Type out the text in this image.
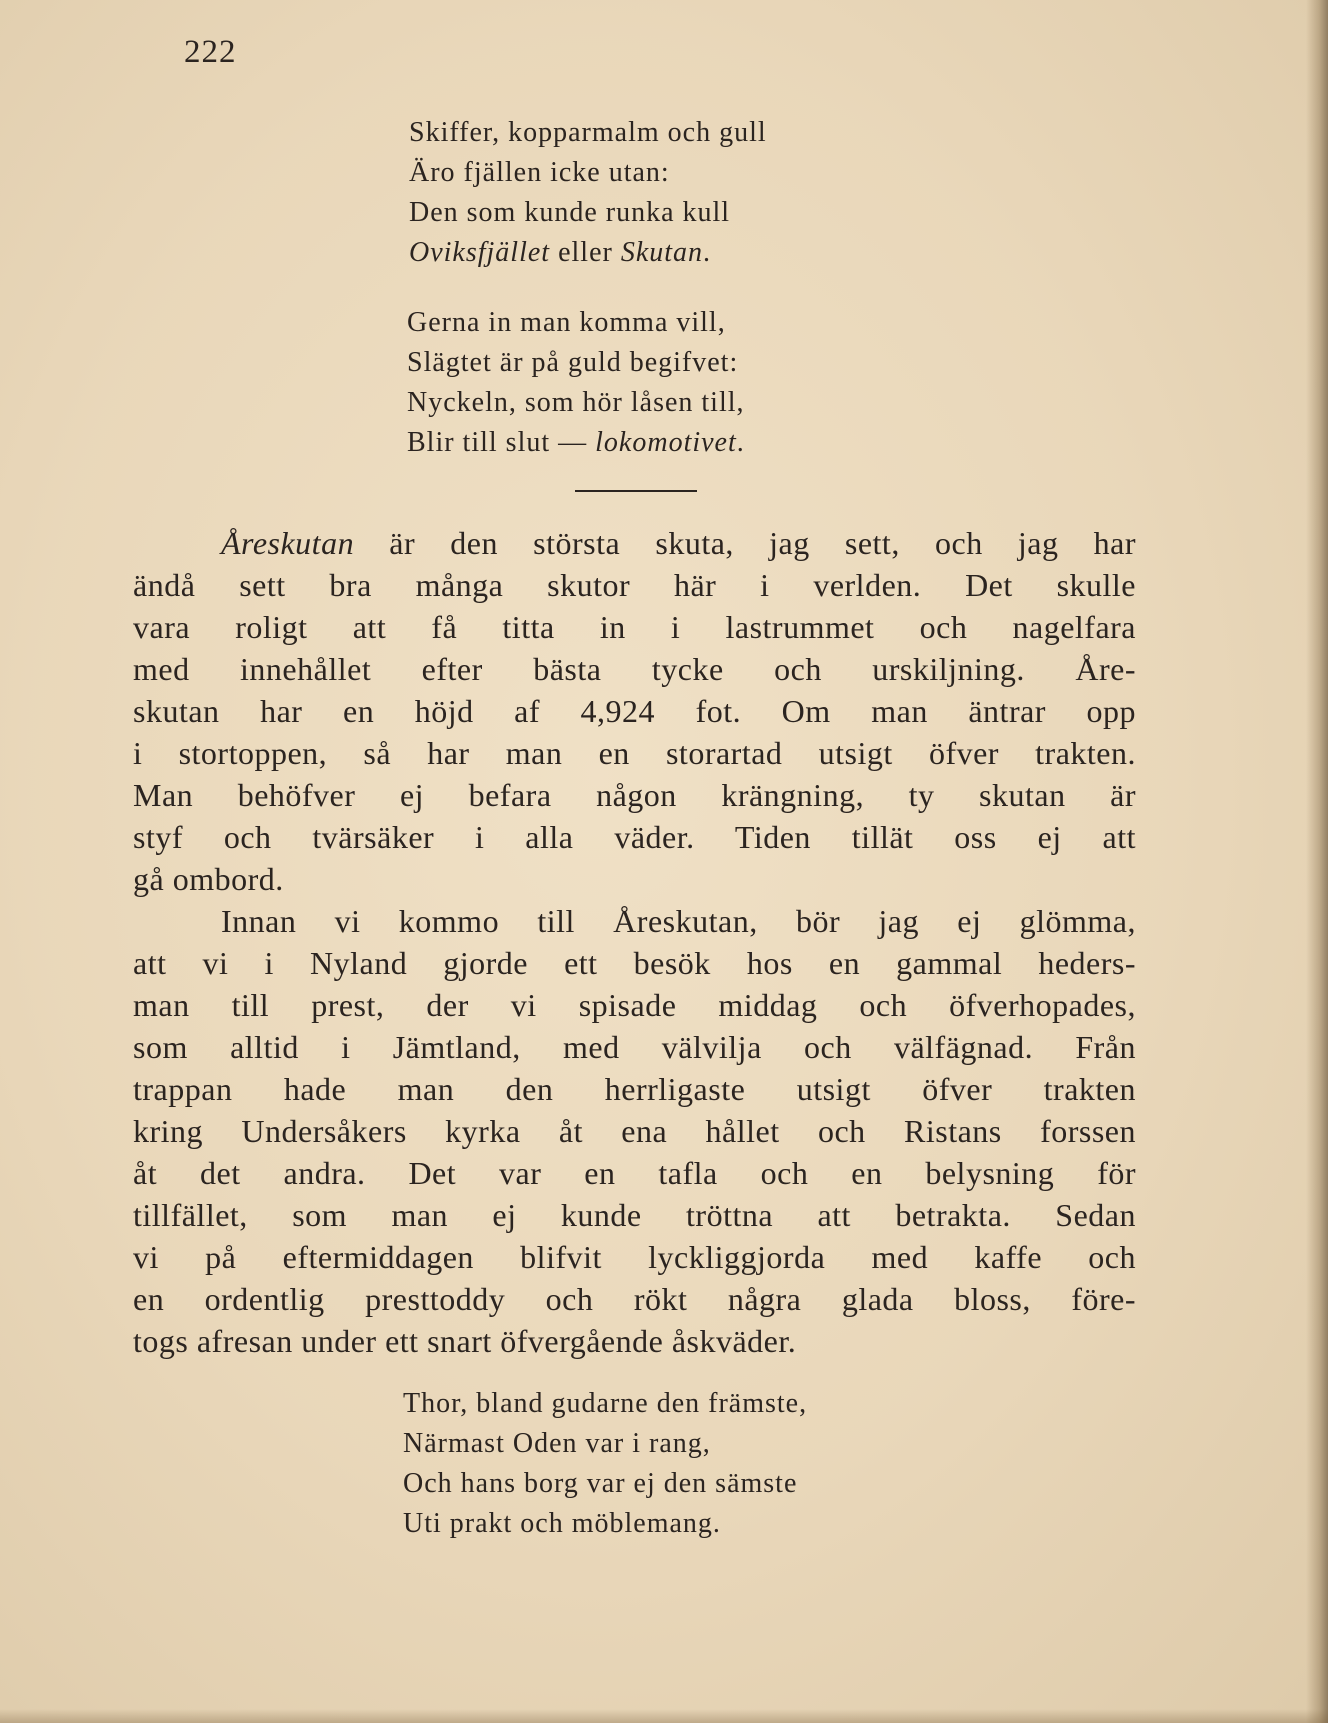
222
Skiffer, kopparmalm och gull
Äro fjällen icke utan:
Den som kunde runka kull
Oviksfjället eller Skutan.
Gerna in man komma vill,
Slägtet är på guld begifvet:
Nyckeln, som hör låsen till,
Blir till slut — lokomotivet.
Åreskutan är den största skuta, jag sett, och jag har
ändå sett bra många skutor här i verlden. Det skulle
vara roligt att få titta in i lastrummet och nagelfara
med innehållet efter bästa tycke och urskiljning. Åre-
skutan har en höjd af 4,924 fot. Om man äntrar opp
i stortoppen, så har man en storartad utsigt öfver trakten.
Man behöfver ej befara någon krängning, ty skutan är
styf och tvärsäker i alla väder. Tiden tillät oss ej att
gå ombord.
Innan vi kommo till Åreskutan, bör jag ej glömma,
att vi i Nyland gjorde ett besök hos en gammal heders-
man till prest, der vi spisade middag och öfverhopades,
som alltid i Jämtland, med välvilja och välfägnad. Från
trappan hade man den herrligaste utsigt öfver trakten
kring Undersåkers kyrka åt ena hållet och Ristans forssen
åt det andra. Det var en tafla och en belysning för
tillfället, som man ej kunde tröttna att betrakta. Sedan
vi på eftermiddagen blifvit lyckliggjorda med kaffe och
en ordentlig presttoddy och rökt några glada bloss, före-
togs afresan under ett snart öfvergående åskväder.
Thor, bland gudarne den främste,
Närmast Oden var i rang,
Och hans borg var ej den sämste
Uti prakt och möblemang.
